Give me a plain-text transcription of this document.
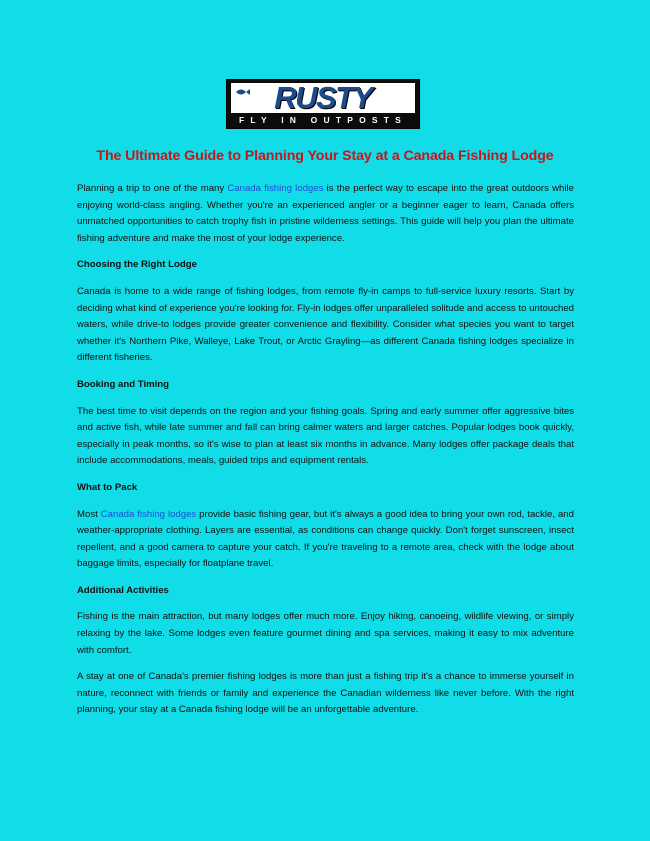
RUSTY
FLY IN OUTPOSTS
The Ultimate Guide to Planning Your Stay at a Canada Fishing Lodge

Planning a trip to one of the many Canada fishing lodges is the perfect way to escape into the great outdoors while enjoying world-class angling. Whether you're an experienced angler or a beginner eager to learn, Canada offers unmatched opportunities to catch trophy fish in pristine wilderness settings. This guide will help you plan the ultimate fishing adventure and make the most of your lodge experience.

Choosing the Right Lodge

Canada is home to a wide range of fishing lodges, from remote fly-in camps to full-service luxury resorts. Start by deciding what kind of experience you're looking for. Fly-in lodges offer unparalleled solitude and access to untouched waters, while drive-to lodges provide greater convenience and flexibility. Consider what species you want to target whether it's Northern Pike, Walleye, Lake Trout, or Arctic Grayling—as different Canada fishing lodges specialize in different fisheries.

Booking and Timing

The best time to visit depends on the region and your fishing goals. Spring and early summer offer aggressive bites and active fish, while late summer and fall can bring calmer waters and larger catches. Popular lodges book quickly, especially in peak months, so it's wise to plan at least six months in advance. Many lodges offer package deals that include accommodations, meals, guided trips and equipment rentals.

What to Pack

Most Canada fishing lodges provide basic fishing gear, but it's always a good idea to bring your own rod, tackle, and weather-appropriate clothing. Layers are essential, as conditions can change quickly. Don't forget sunscreen, insect repellent, and a good camera to capture your catch. If you're traveling to a remote area, check with the lodge about baggage limits, especially for floatplane travel.

Additional Activities

Fishing is the main attraction, but many lodges offer much more. Enjoy hiking, canoeing, wildlife viewing, or simply relaxing by the lake. Some lodges even feature gourmet dining and spa services, making it easy to mix adventure with comfort.

A stay at one of Canada's premier fishing lodges is more than just a fishing trip it's a chance to immerse yourself in nature, reconnect with friends or family and experience the Canadian wilderness like never before. With the right planning, your stay at a Canada fishing lodge will be an unforgettable adventure.
